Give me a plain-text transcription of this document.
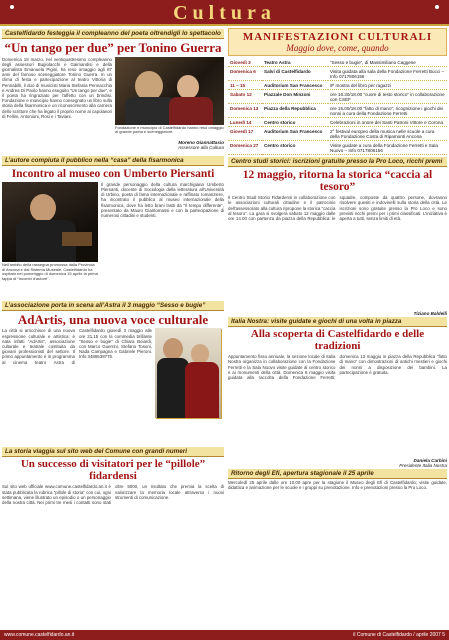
Cultura
Castelfidardo festeggia il compleanno del poeta oltrendigli lo spettacolo
“Un tango per due” per Tonino Guerra
Domenica 18 marzo, nel ventiquattresimo compleanno degli assessori Bugiolacchi e Gaimandisi e della giornalista Emanuela Pigini, ha reso omaggio agli 87 anni del famoso sceneggiatore Tonino Guerra. In un clima di festa e partecipazione al teatro Vittoria di Pennabilli, il duo di musicisti Maria Stefania Pennacchia e Andrea Di Paolo hanno eseguito “Un tango per due”, e il poeta ha ringraziato per l'affetto con un brindisi. Fondazione e municipio hanno consegnato un libro sulla storia della fisarmonica e un riconoscimento alla carriera dello scrittore che ha legato il proprio nome ai capolavori di Fellini, Antonioni, Rosi e i Taviani.
Fondazione e municipio di Castelfidardo hanno reso omaggio al grande poeta e sceneggiatore.
Moreno Giannattasio
Assessore alla Cultura
L’autore compiuta il pubblico nella “casa” della fisarmonica
Incontro al museo con Umberto Piersanti
Nell'ambito della rassegna promossa dalla Provincia di Ancona e dal Sistema Museale, Castelfidardo ha ospitato nel pomeriggio di domenica 15 aprile la prima tappa di “Incontri d'autore”.
Il grande personaggio della cultura marchigiana Umberto Piersanti, docente di Sociologia della letteratura all'Università di Urbino, poeta di fama internazionale e raffinato romanziere, ha incontrato il pubblico al museo internazionale della fisarmonica, dove ha letto brani tratti da “Il tempo differente”, presentato da Mauro Giantomassi e con la partecipazione di numerosi cittadini e studenti.
L’associazione porta in scena all’Astra il 3 maggio “Sesso e bugie”
AdArtis, una nuova voce culturale
La città si arricchisce di una nuova espressione culturale e artistica: è nata infatti “AdArtis”, associazione culturale e teatrale costituita da giovani professionisti del settore. Il primo appuntamento è in programma al cinema teatro Astra di Castelfidardo giovedì 3 maggio alle ore 21.15 con la commedia brillante “Sesso e bugie” di Chiara Boiardi, con Marco Guerrini, Stefano Tosoni, Nada Campagna e Gabriele Pieroni. Info 3486538775.
La storia viaggia sul sito web del Comune con grandi numeri
Un successo di visitatori per le “pillole” fidardensi
Sul sito web ufficiale www.comune.castelfidardo.an.it è stata pubblicata la rubrica “pillole di storia” con cui, ogni settimana, viene illustrato un episodio o un personaggio della nostra città. Nei primi tre mesi i contatti sono stati oltre 5000, un risultato che premia la scelta di valorizzare la memoria locale attraverso i nuovi strumenti di comunicazione.
MANIFESTAZIONI CULTURALI
Maggio dove, come, quando
Giovedì 3	Teatro Astra	“Sesso e bugie”, di Massimiliano Caggese
Domenica 6	Salvi di Castelfidardo	Visita guidata alla sala della Fondazione Ferretti Bucci – Info 0717806156
11 – 15	Auditorium San Francesco	9ª mostra del libro per ragazzi
Sabato 12	Piazzale Don Minzoni	ore 16.30/18.00 “cuore di testo storico” in collaborazione con CSEF
Domenica 13	Piazza della Repubblica	ore 15.00/18.00 “fatto di mano”; ricognizione i giochi dei nonni a cura della Fondazione Ferretti
Lunedì 14	Centro storico	Celebrazioni in onore dei Santi Patroni Vittore e Corona
Giovedì 17	Auditorium San Francesco	2° festival europeo della musica nelle scuole a cura della Fondazione Costa di Ripamonti Ancona
Domenica 27	Centro storico	Visite guidate a cura della Fondazione Ferretti e Sala Nuovo – Info 0717806156
Centro studi storici: iscrizioni gratuite presso la Pro Loco, ricchi premi
12 maggio, ritorna la storica “caccia al tesoro”
Il Centro Studi Storici Fidardensi in collaborazione con le associazioni culturali cittadine e il patrocinio dell'assessorato alla cultura ripropone la storica “caccia al tesoro”. La gara si svolgerà sabato 12 maggio dalle ore 14.00 con partenza da piazza della Repubblica: le squadre, composte da quattro persone, dovranno risolvere quesiti e indovinelli sulla storia della città. Le iscrizioni sono gratuite presso la Pro Loco e sono previsti ricchi premi per i primi classificati. L'iniziativa è aperta a tutti, senza limiti di età.
Tiziano Baldelli
Italia Nostra: visite guidate e giochi di una volta in piazza
Alla scoperta di Castelfidardo e delle tradizioni
Appuntamento fisso annuale, la sezione locale di Italia Nostra organizza in collaborazione con la Fondazione Ferretti e la Sala Nuovo visite guidate al centro storico e ai monumenti della città. Domenica 6 maggio visita guidata alla raccolta della Fondazione Ferretti; domenica 13 maggio in piazza della Repubblica “fatto di mano” con dimostrazioni di antichi mestieri e giochi dei nonni a disposizione dei bambini. La partecipazione è gratuita.
Daniela Carbini
Presidente Italia Nostra
Ritorno degli Efi, apertura stagionale il 25 aprile
Mercoledì 25 aprile dalle ore 10.00 apre per la stagione il Museo degli Efi di Castelfidardo; visite guidate, didattica e animazione per le scuole e i gruppi su prenotazione. Info e prenotazioni presso la Pro Loco.
www.comune.castelfidardo.an.it	il Comune di Castelfidardo / aprile 2007 5
